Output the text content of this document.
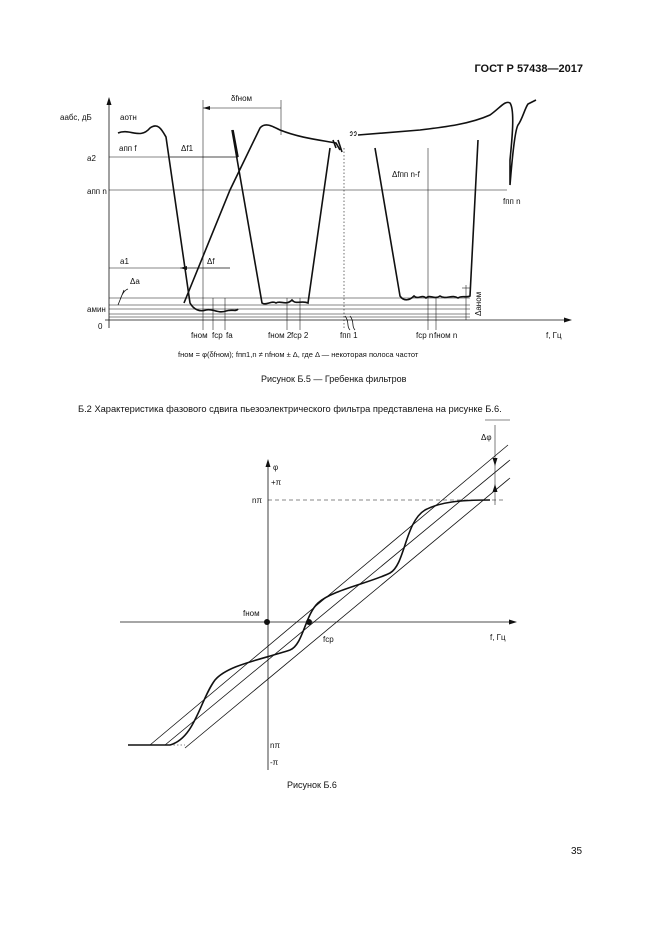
ГОСТ Р 57438—2017
aабс, дБ	aотн
δfном
aпп f
a2
Δf1
aпп n
Δfпп n-f
fпп n
a1	Δf
Δa
aмин
0
Δaном
fном fср fа	fном 2 fср 2	fпп 1	fср n fном n	f, Гц
φ
+π
nπ
Δφ
fном
fср	f, Гц
nπ
-π
fном = φ(δfном); fпп1,n ≠ nfном ± Δ, где Δ — некоторая полоса частот
Рисунок Б.5 — Гребенка фильтров
Б.2 Характеристика фазового сдвига пьезоэлектрического фильтра представлена на рисунке Б.6.
Рисунок Б.6
35
